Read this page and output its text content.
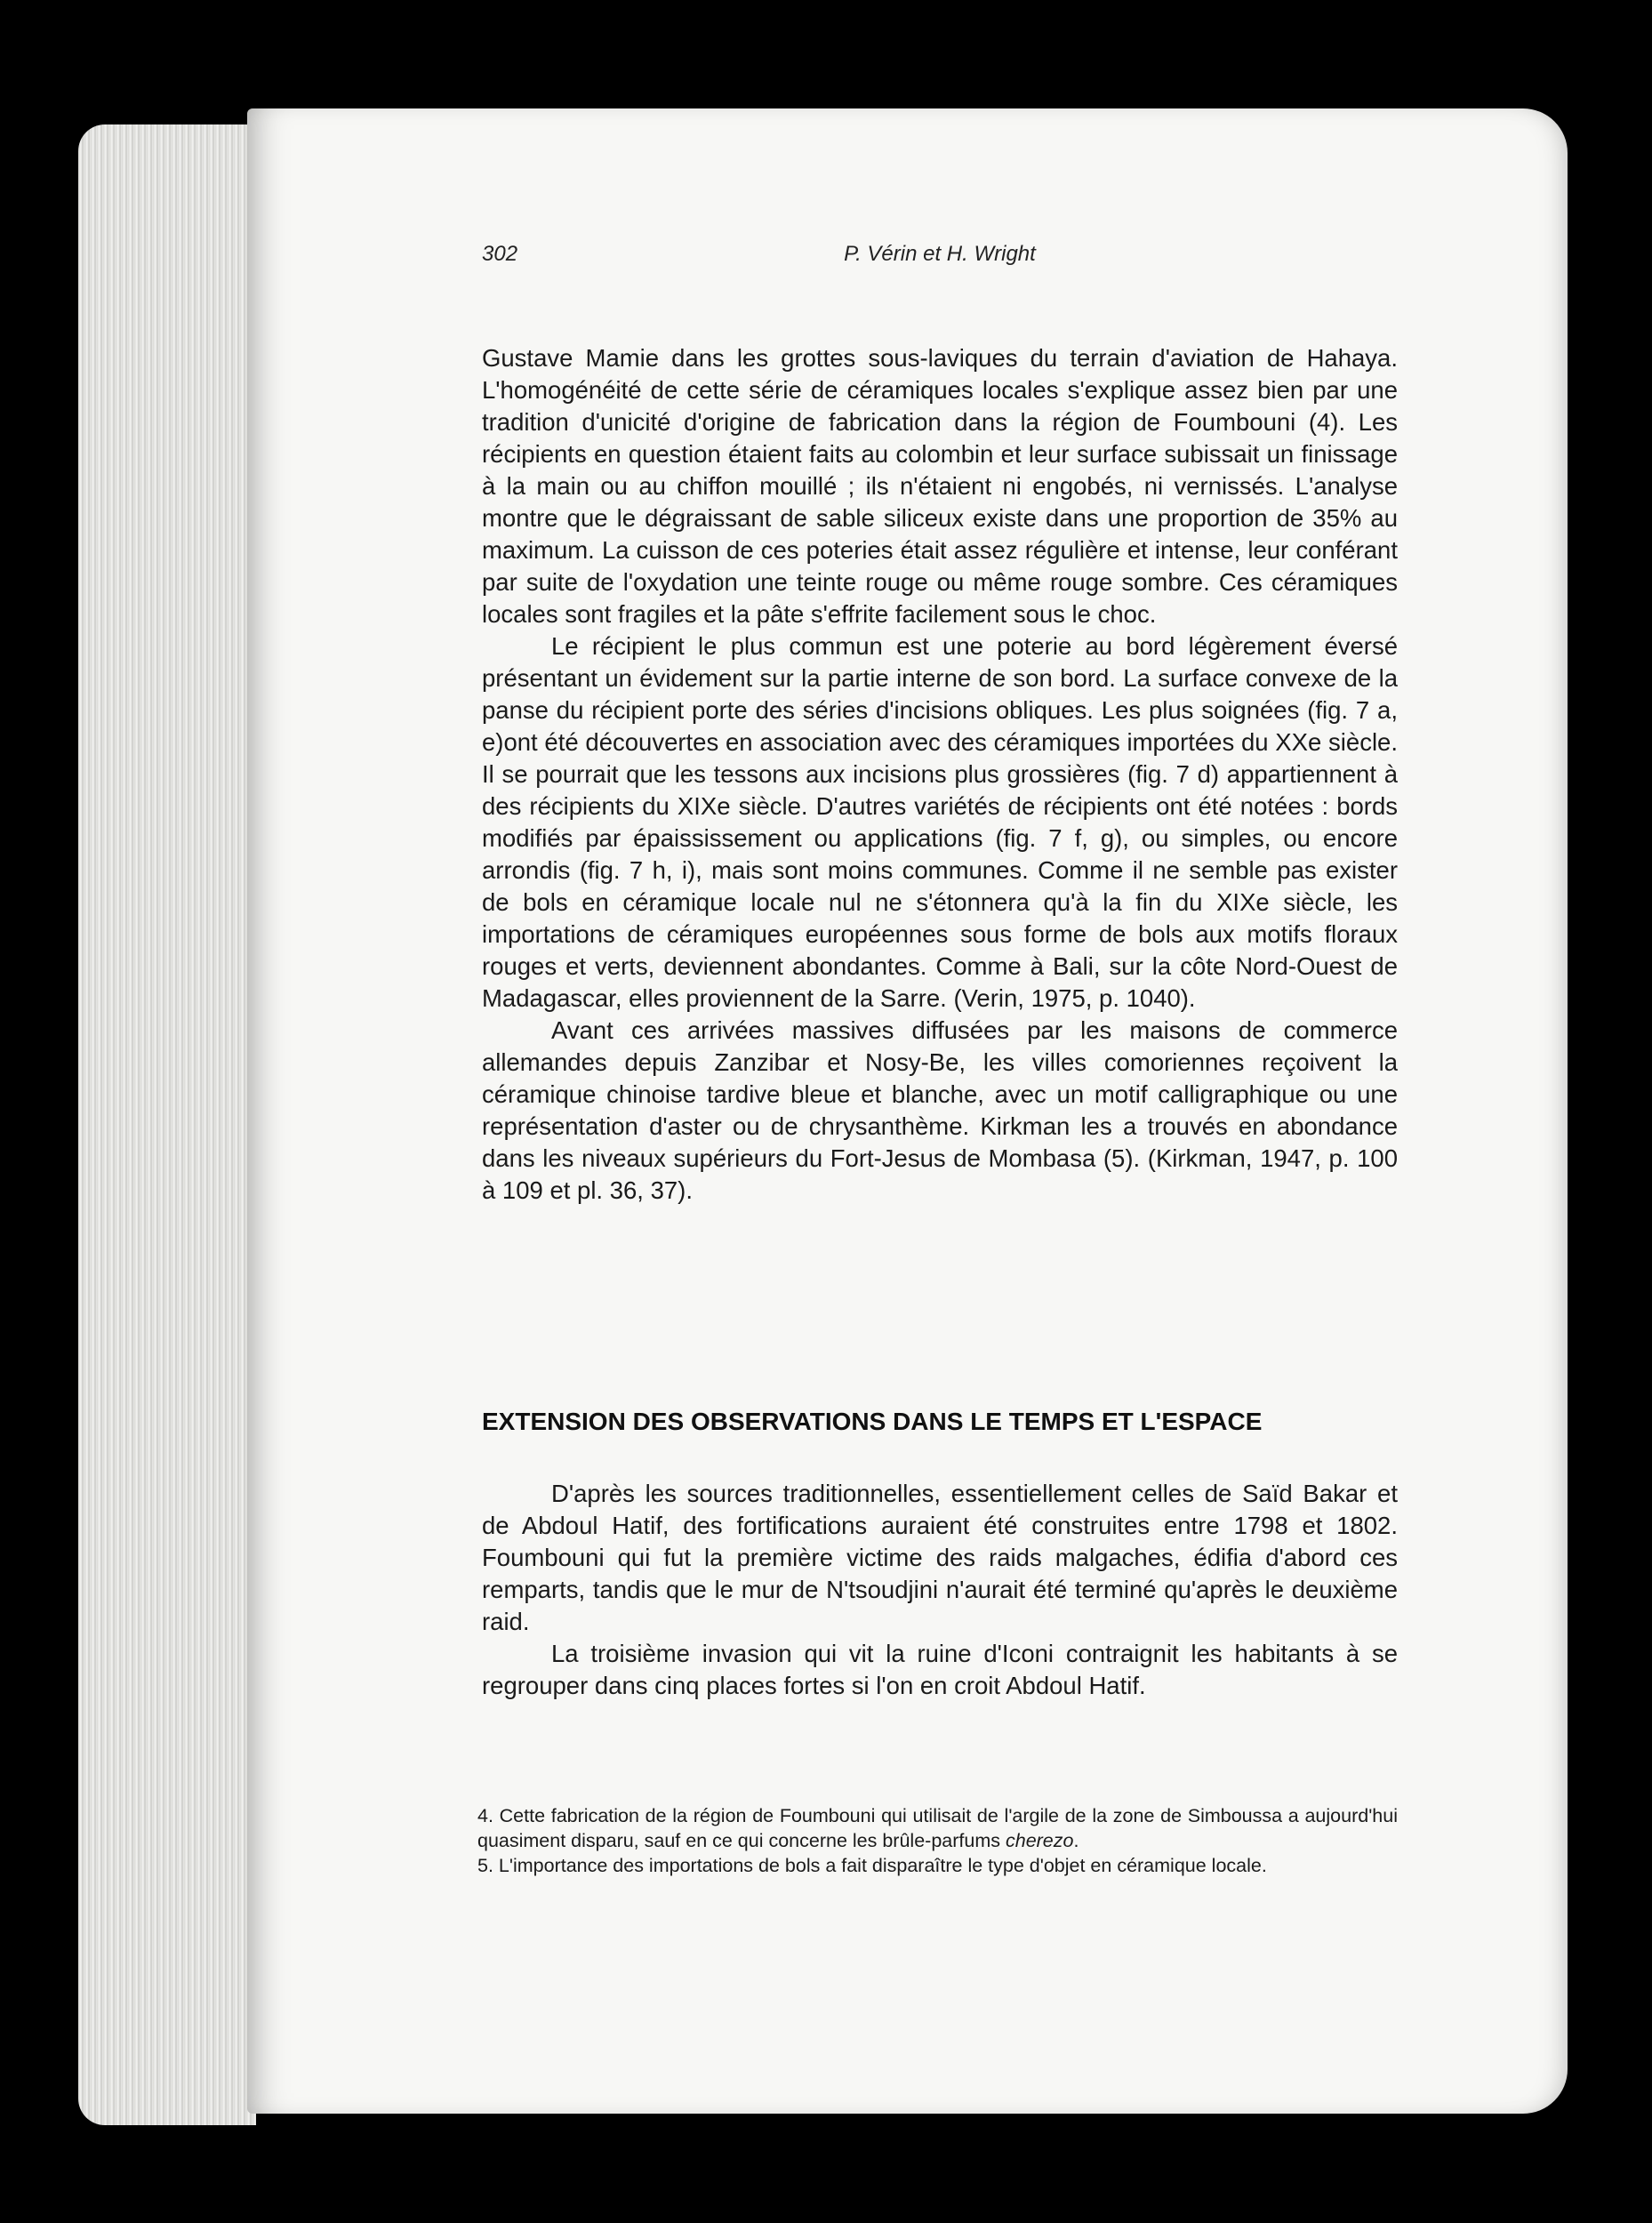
302	P. Vérin et H. Wright

Gustave Mamie dans les grottes sous-laviques du terrain d'aviation de Hahaya. L'homogénéité de cette série de céramiques locales s'explique assez bien par une tradition d'unicité d'origine de fabrication dans la région de Foumbouni (4). Les récipients en question étaient faits au colombin et leur surface subissait un finissage à la main ou au chiffon mouillé ; ils n'étaient ni engobés, ni vernissés. L'analyse montre que le dégraissant de sable siliceux existe dans une proportion de 35% au maximum. La cuisson de ces poteries était assez régulière et intense, leur conférant par suite de l'oxydation une teinte rouge ou même rouge sombre. Ces céramiques locales sont fragiles et la pâte s'effrite facilement sous le choc.

Le récipient le plus commun est une poterie au bord légèrement éversé présentant un évidement sur la partie interne de son bord. La surface convexe de la panse du récipient porte des séries d'incisions obliques. Les plus soignées (fig. 7 a, e)ont été découvertes en association avec des céramiques importées du XXe siècle. Il se pourrait que les tessons aux incisions plus grossières (fig. 7 d) appartiennent à des récipients du XIXe siècle. D'autres variétés de récipients ont été notées : bords modifiés par épaississement ou applications (fig. 7 f, g), ou simples, ou encore arrondis (fig. 7 h, i), mais sont moins communes. Comme il ne semble pas exister de bols en céramique locale nul ne s'étonnera qu'à la fin du XIXe siècle, les importations de céramiques européennes sous forme de bols aux motifs floraux rouges et verts, deviennent abondantes. Comme à Bali, sur la côte Nord-Ouest de Madagascar, elles proviennent de la Sarre. (Verin, 1975, p. 1040).

Avant ces arrivées massives diffusées par les maisons de commerce allemandes depuis Zanzibar et Nosy-Be, les villes comoriennes reçoivent la céramique chinoise tardive bleue et blanche, avec un motif calligraphique ou une représentation d'aster ou de chrysanthème. Kirkman les a trouvés en abondance dans les niveaux supérieurs du Fort-Jesus de Mombasa (5). (Kirkman, 1947, p. 100 à 109 et pl. 36, 37).

EXTENSION DES OBSERVATIONS DANS LE TEMPS ET L'ESPACE

D'après les sources traditionnelles, essentiellement celles de Saïd Bakar et de Abdoul Hatif, des fortifications auraient été construites entre 1798 et 1802. Foumbouni qui fut la première victime des raids malgaches, édifia d'abord ces remparts, tandis que le mur de N'tsoudjini n'aurait été terminé qu'après le deuxième raid.

La troisième invasion qui vit la ruine d'Iconi contraignit les habitants à se regrouper dans cinq places fortes si l'on en croit Abdoul Hatif.

4. Cette fabrication de la région de Foumbouni qui utilisait de l'argile de la zone de Simboussa a aujourd'hui quasiment disparu, sauf en ce qui concerne les brûle-parfums cherezo.

5. L'importance des importations de bols a fait disparaître le type d'objet en céramique locale.
